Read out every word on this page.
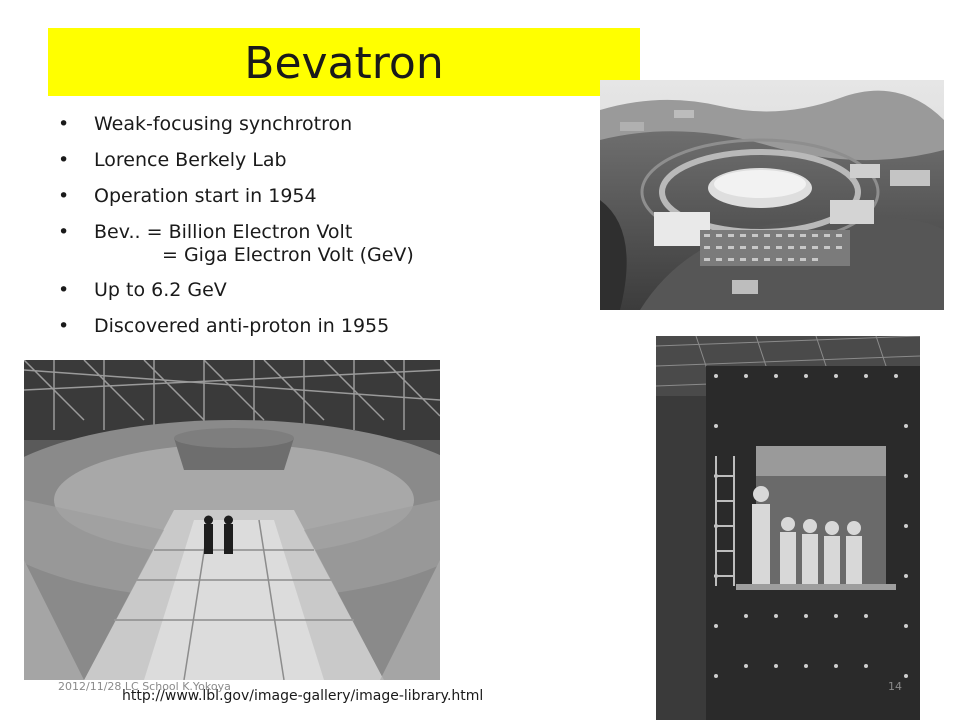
Bevatron
• Weak-focusing synchrotron
• Lorence Berkely Lab
• Operation start in 1954
• Bev.. = Billion Electron Volt
= Giga Electron Volt (GeV)
• Up to 6.2 GeV
• Discovered anti-proton in 1955
2012/11/28 LC School K.Yokoya
http://www.lbl.gov/image-gallery/image-library.html
14
